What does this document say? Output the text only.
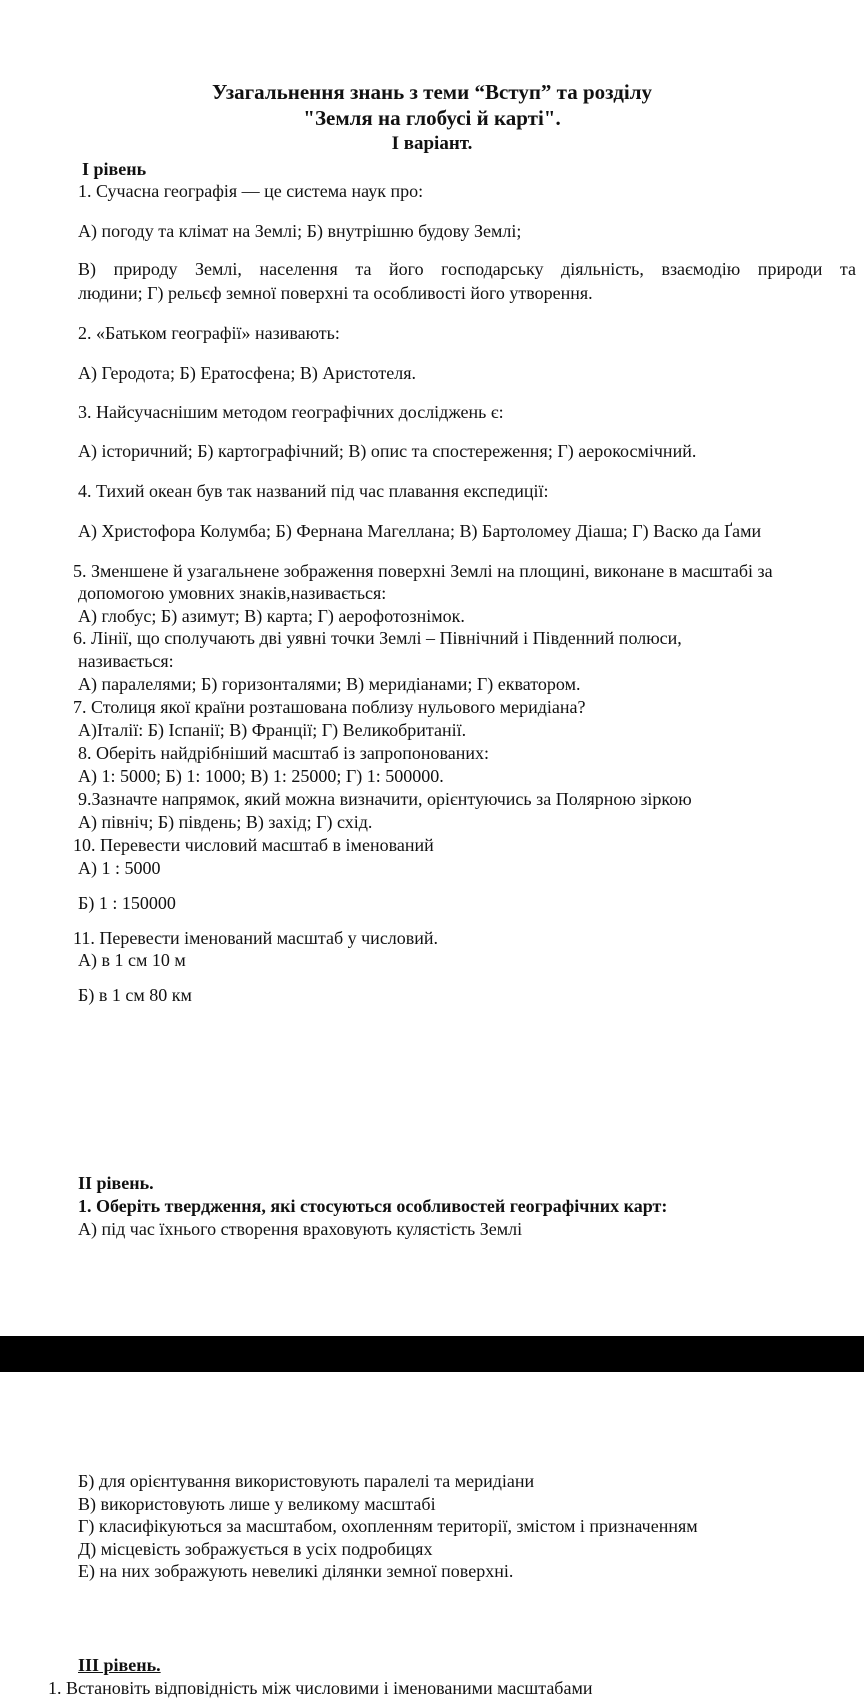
Узагальнення знань з теми “Вступ” та розділу
"Земля на глобусі й карті".
I варіант.
I рівень
1. Сучасна географія — це система наук про:
А) погоду та клімат на Землі; Б) внутрішню будову Землі;
В) природу Землі, населення та його господарську діяльність, взаємодію природи та
людини; Г) рельєф земної поверхні та особливості його утворення.
2. «Батьком географії» називають:
А) Геродота; Б) Ератосфена; В) Аристотеля.
3. Найсучаснішим методом географічних досліджень є:
А) історичний; Б) картографічний; В) опис та спостереження; Г) аерокосмічний.
4. Тихий океан був так названий під час плавання експедиції:
А) Христофора Колумба; Б) Фернана Магеллана; В) Бартоломеу Діаша; Г) Васко да Ґами
5. Зменшене й узагальнене зображення поверхні Землі на площині, виконане в масштабі за
допомогою умовних знаків,називається:
А) глобус; Б) азимут; В) карта; Г) аерофотознімок.
6. Лінії, що сполучають дві уявні точки Землі – Північний і Південний полюси,
називається:
А) паралелями; Б) горизонталями; В) меридіанами; Г) екватором.
7. Столиця якої країни розташована поблизу нульового меридіана?
А)Італії: Б) Іспанії; В) Франції; Г) Великобританії.
8. Оберіть найдрібніший масштаб із запропонованих:
А) 1: 5000; Б) 1: 1000; В) 1: 25000; Г) 1: 500000.
9.Зазначте напрямок, який можна визначити, орієнтуючись за Полярною зіркою
А) північ; Б) південь; В) захід; Г) схід.
10. Перевести числовий масштаб в іменований
А) 1 : 5000
Б) 1 : 150000
11. Перевести іменований масштаб у числовий.
А) в 1 см 10 м
Б) в 1 см 80 км
II рівень.
1. Оберіть твердження, які стосуються особливостей географічних карт:
А) під час їхнього створення враховують кулястість Землі
Б) для орієнтування використовують паралелі та меридіани
В) використовують лише у великому масштабі
Г) класифікуються за масштабом, охопленням території, змістом і призначенням
Д) місцевість зображується в усіх подробицях
Е) на них зображують невеликі ділянки земної поверхні.
III рівень.
1. Встановіть відповідність між числовими і іменованими масштабами
